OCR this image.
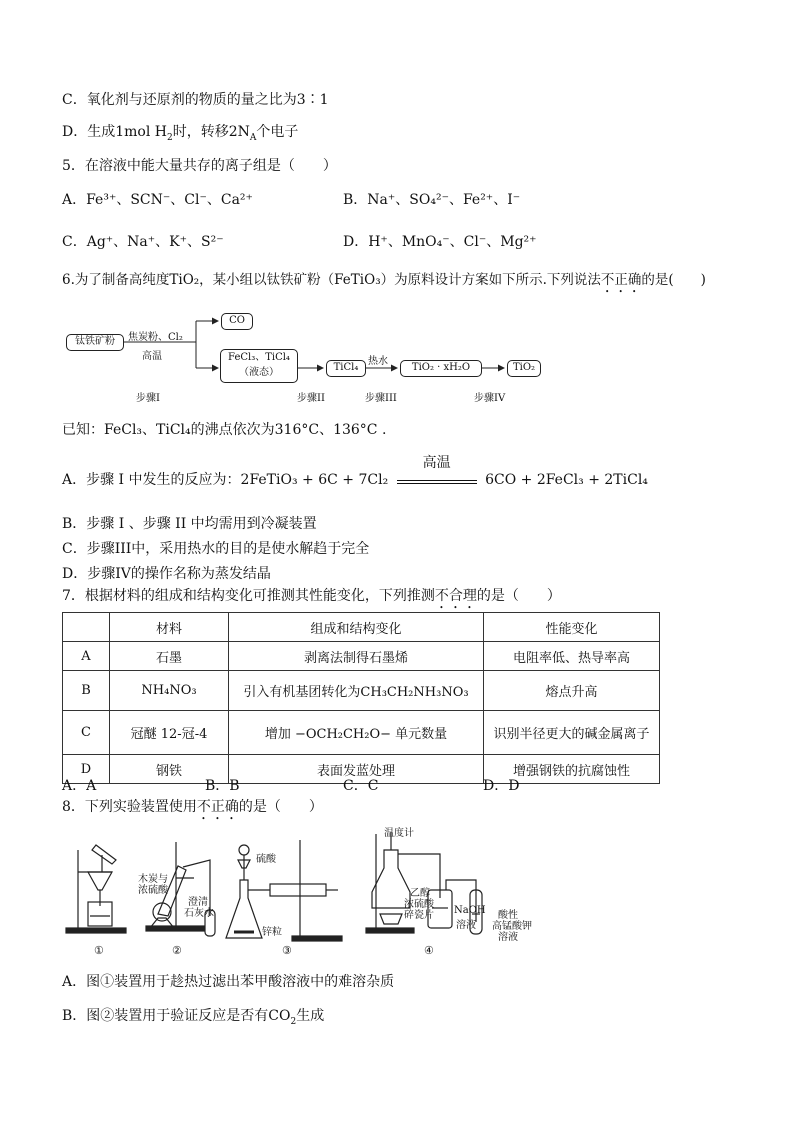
C．氧化剂与还原剂的物质的量之比为3∶1
D．生成1mol $H_2$时，转移$2N_A$个电子
5．在溶液中能大量共存的离子组是（　　）
A．Fe³⁺、SCN⁻、Cl⁻、Ca²⁺	B．Na⁺、SO₄²⁻、Fe²⁺、I⁻
C．Ag⁺、Na⁺、K⁺、S²⁻	D．H⁺、MnO₄⁻、Cl⁻、Mg²⁺
6.为了制备高纯度TiO₂，某小组以钛铁矿粉（FeTiO₃）为原料设计方案如下所示.下列说法不正确的是(　　)
钛铁矿粉	焦炭粉、Cl₂
高温
CO
FeCl₃、TiCl₄
（液态）	TiCl₄
热水
TiO₂ · xH₂O	TiO₂
步骤I	步骤II	步骤III	步骤IV
已知：FeCl₃、TiCl₄的沸点依次为316°C、136°C .
A．步骤 I 中发生的反应为：2FeTiO₃ + 6C + 7Cl₂
高温
6CO + 2FeCl₃ + 2TiCl₄
B．步骤 I 、步骤 II 中均需用到冷凝装置
C．步骤III中，采用热水的目的是使水解趋于完全
D．步骤IV的操作名称为蒸发结晶
7．根据材料的组成和结构变化可推测其性能变化，下列推测不合理的是（　　）
	材料	组成和结构变化	性能变化
A	石墨	剥离法制得石墨烯	电阻率低、热导率高
B	NH₄NO₃	引入有机基团转化为CH₃CH₂NH₃NO₃	熔点升高
C	冠醚 12-冠-4	增加 −OCH₂CH₂O− 单元数量	识别半径更大的碱金属离子
D	钢铁	表面发蓝处理	增强钢铁的抗腐蚀性
A．A	B．B	C．C	D．D
8．下列实验装置使用不正确的是（　　）
木炭与
浓硫酸
澄清
石灰水
硫酸
锌粒
温度计
乙醇
浓硫酸
碎瓷片 NaOH
溶液
酸性
高锰酸钾
溶液
①	②	③	④
A．图①装置用于趁热过滤出苯甲酸溶液中的难溶杂质
B．图②装置用于验证反应是否有$CO_2$生成
